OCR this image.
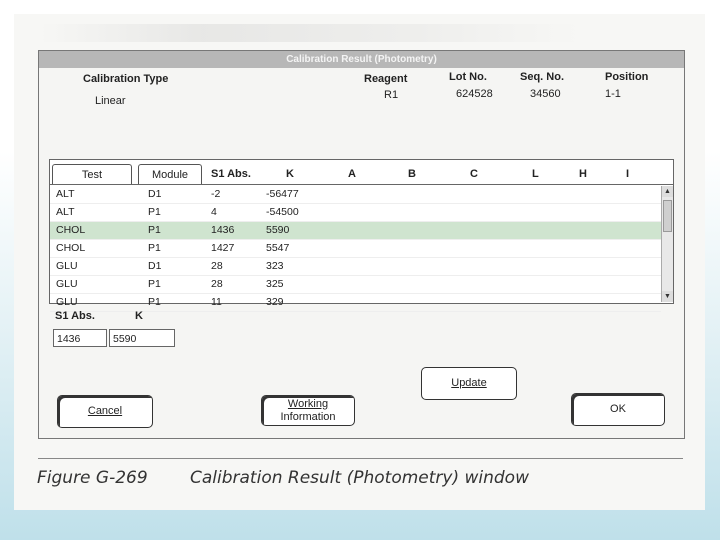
Calibration Result (Photometry)
Calibration Type
Linear
Reagent
R1
Lot No.
624528
Seq. No.
34560
Position
1-1
Test	Module	S1 Abs.	K	A	B	C	L	H	I
ALT	D1	-2	-56477
ALT	P1	4	-54500
CHOL	P1	1436	5590
CHOL	P1	1427	5547
GLU	D1	28	323
GLU	P1	28	325
GLU	P1	11	329
▲
▼
S1 Abs.	K
1436	5590
Update
Cancel
Working
Information
OK
Figure G-269 Calibration Result (Photometry) window
